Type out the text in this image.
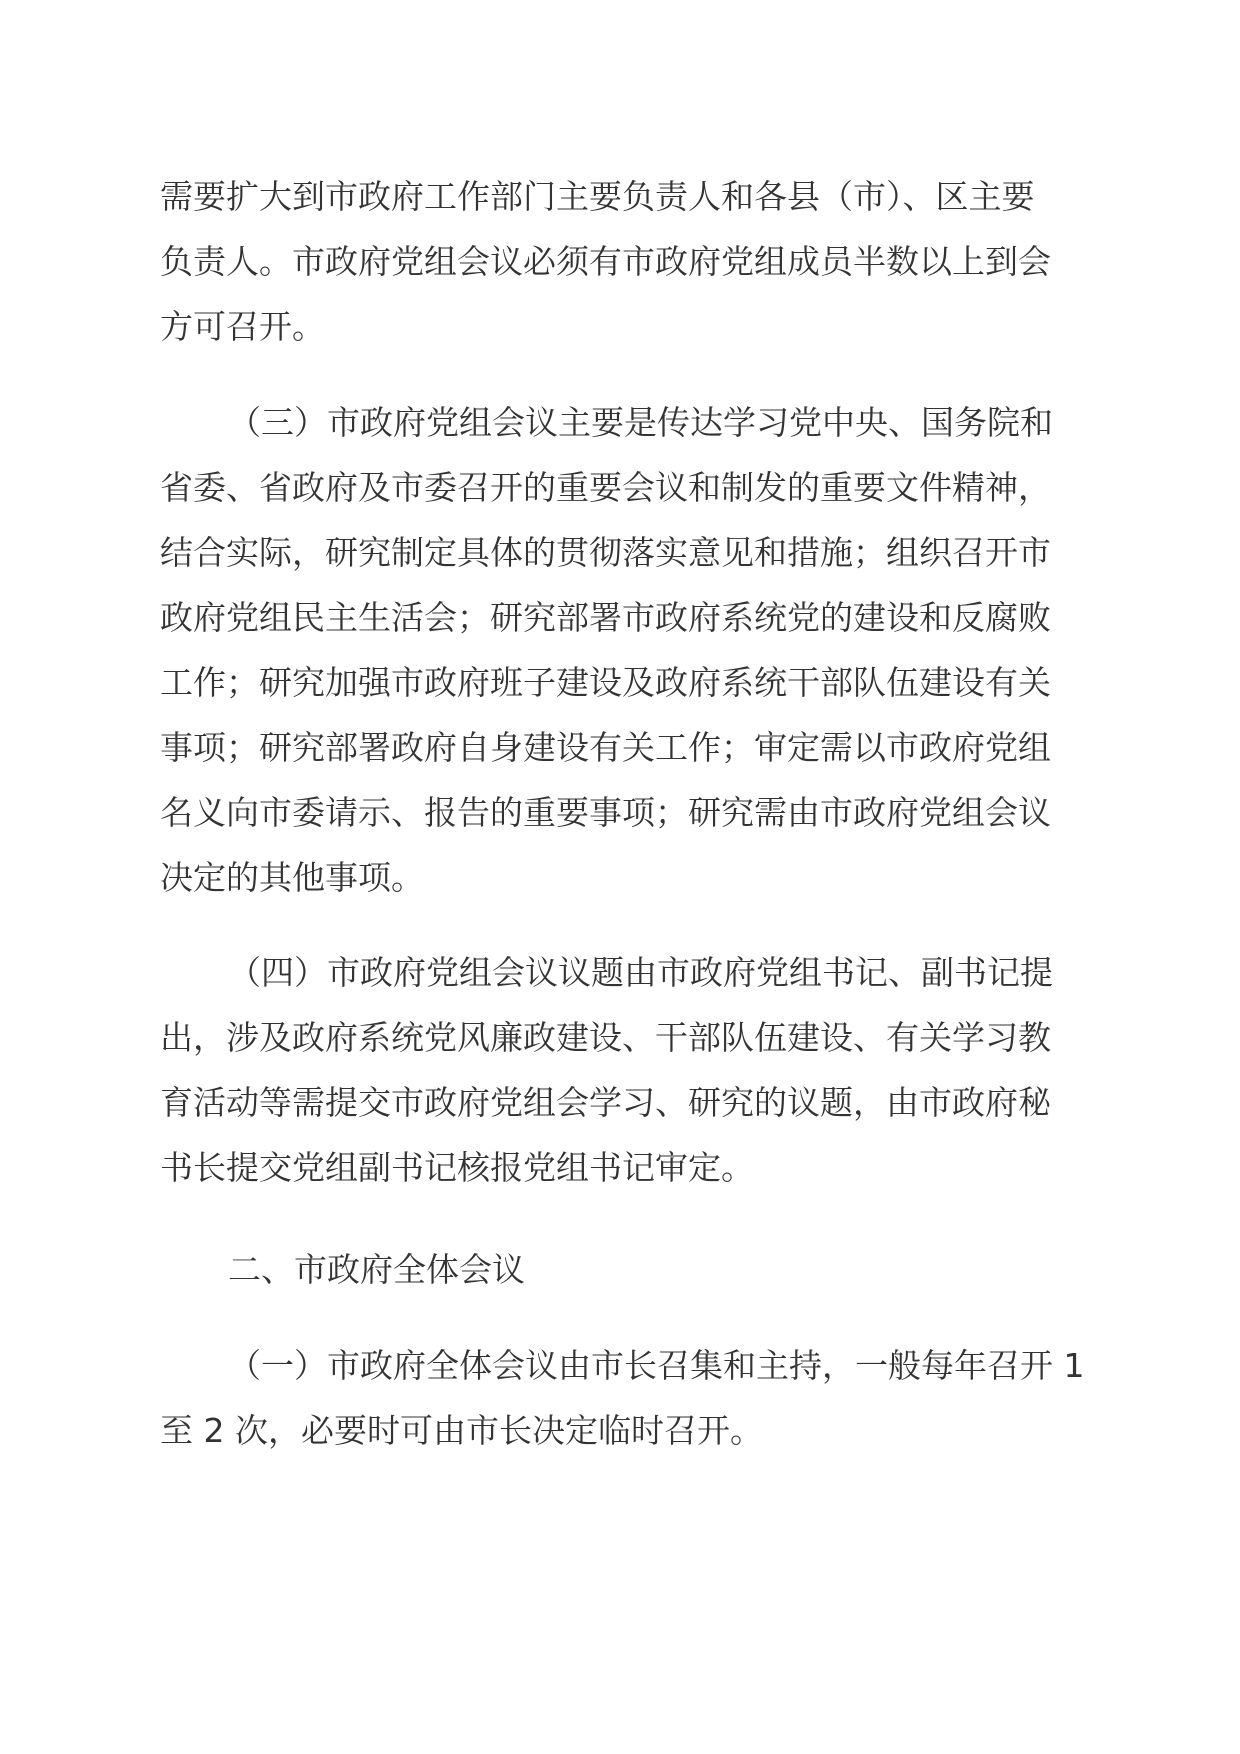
需要扩大到市政府工作部门主要负责人和各县（市）、区主要
负责人。市政府党组会议必须有市政府党组成员半数以上到会
方可召开。
（三）市政府党组会议主要是传达学习党中央、国务院和
省委、省政府及市委召开的重要会议和制发的重要文件精神，
结合实际，研究制定具体的贯彻落实意见和措施；组织召开市
政府党组民主生活会；研究部署市政府系统党的建设和反腐败
工作；研究加强市政府班子建设及政府系统干部队伍建设有关
事项；研究部署政府自身建设有关工作；审定需以市政府党组
名义向市委请示、报告的重要事项；研究需由市政府党组会议
决定的其他事项。
（四）市政府党组会议议题由市政府党组书记、副书记提
出，涉及政府系统党风廉政建设、干部队伍建设、有关学习教
育活动等需提交市政府党组会学习、研究的议题，由市政府秘
书长提交党组副书记核报党组书记审定。
二、市政府全体会议
（一）市政府全体会议由市长召集和主持，一般每年召开 1
至 2 次，必要时可由市长决定临时召开。
